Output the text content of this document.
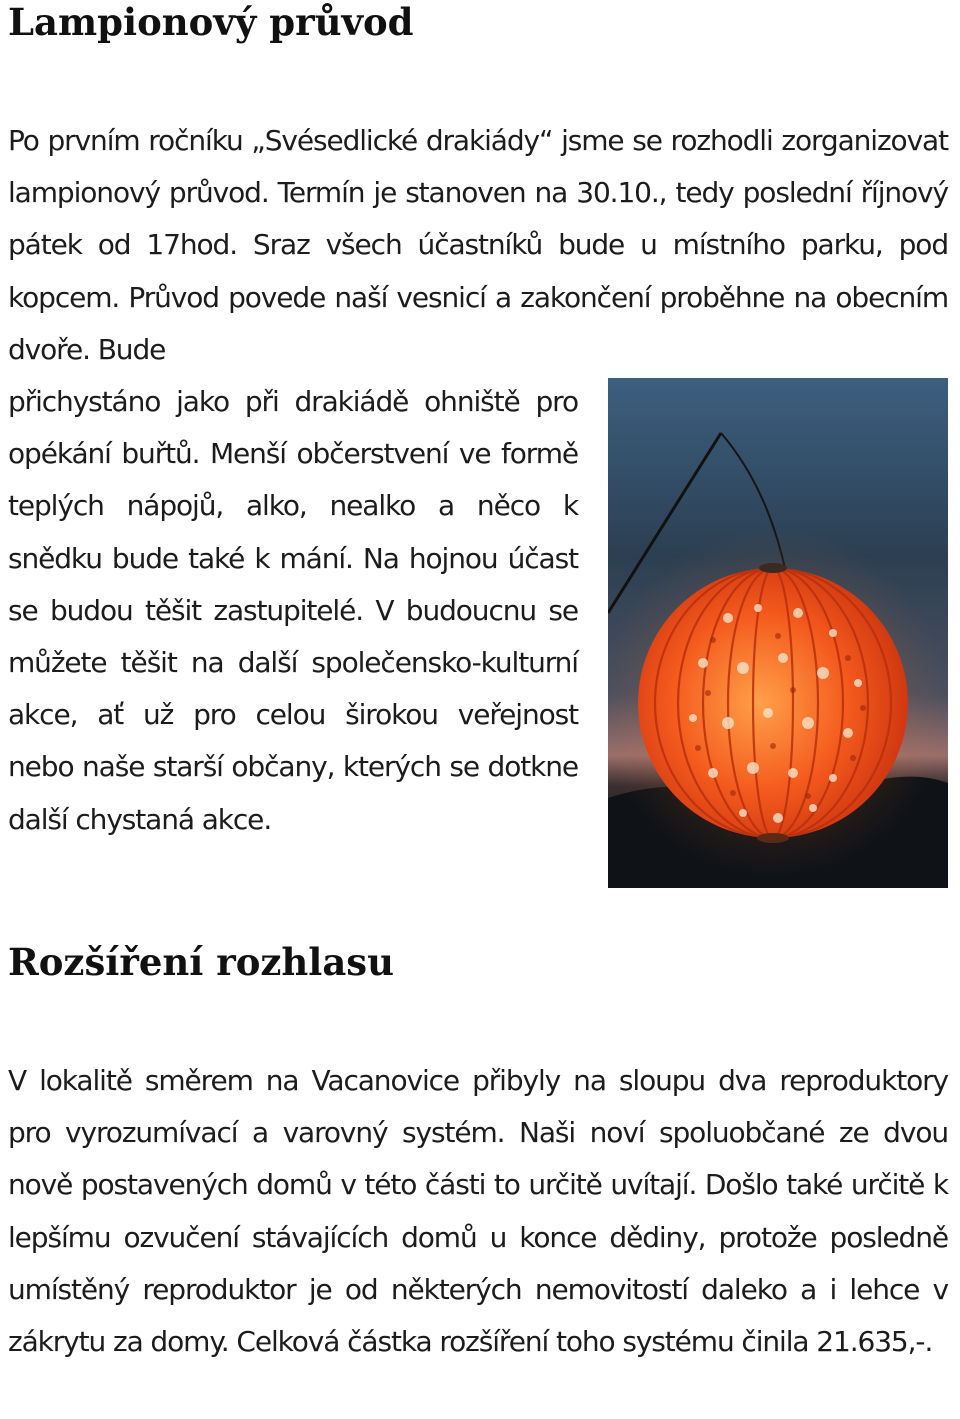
Lampionový průvod

Po prvním ročníku „Svésedlické drakiády“ jsme se rozhodli zorganizovat lampionový průvod. Termín je stanoven na 30.10., tedy poslední říjnový pátek od 17hod. Sraz všech účastníků bude u místního parku, pod kopcem. Průvod povede naší vesnicí a zakončení proběhne na obecním dvoře. Bude

přichystáno jako při drakiádě ohniště pro opékání buřtů. Menší občerstvení ve formě teplých nápojů, alko, nealko a něco k snědku bude také k mání. Na hojnou účast se budou těšit zastupitelé. V budoucnu se můžete těšit na další společensko-kulturní akce, ať už pro celou širokou veřejnost nebo naše starší občany, kterých se dotkne další chystaná akce.

Rozšíření rozhlasu

V lokalitě směrem na Vacanovice přibyly na sloupu dva reproduktory pro vyrozumívací a varovný systém. Naši noví spoluobčané ze dvou nově postavených domů v této části to určitě uvítají. Došlo také určitě k lepšímu ozvučení stávajících domů u konce dědiny, protože posledně umístěný reproduktor je od některých nemovitostí daleko a i lehce v zákrytu za domy. Celková částka rozšíření toho systému činila 21.635,-.
